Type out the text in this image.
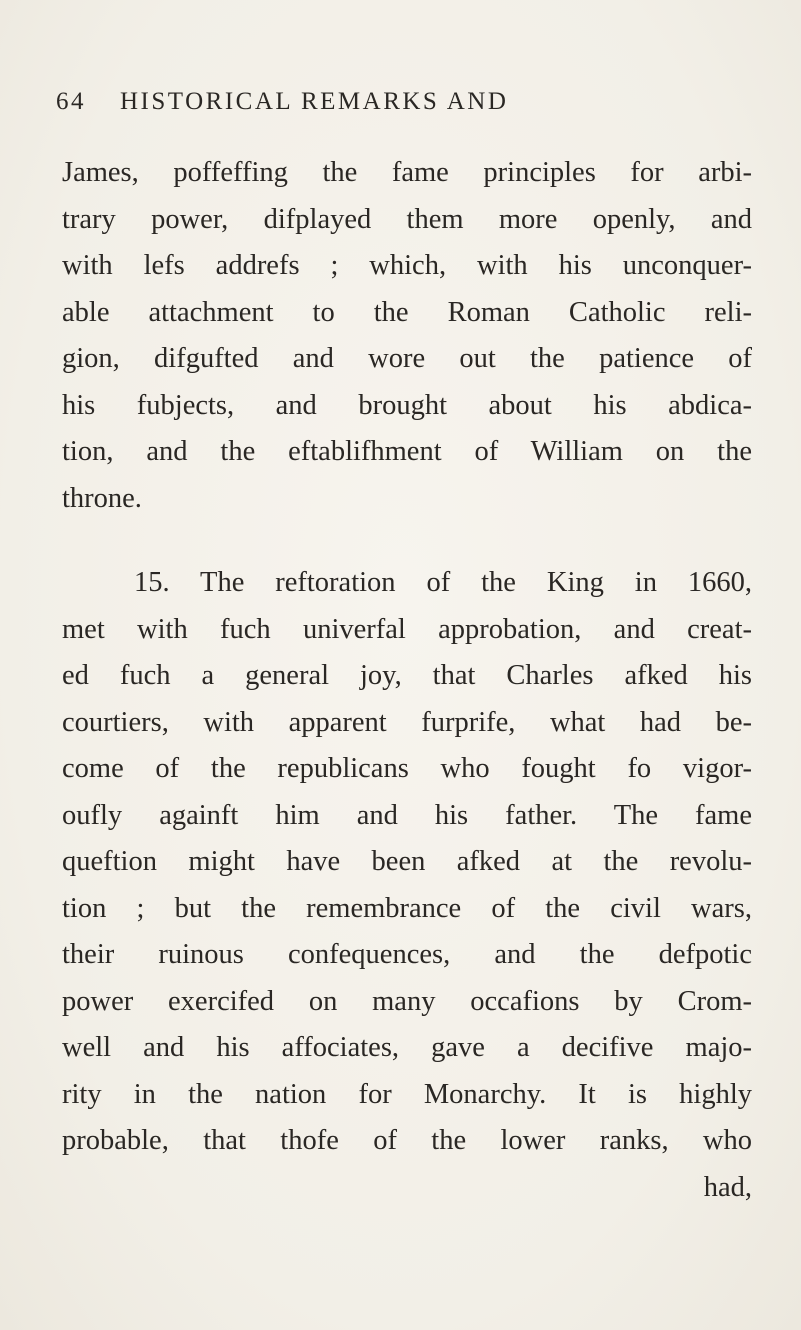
64 HISTORICAL REMARKS AND
James, poffeffing the fame principles for arbi-
trary power, difplayed them more openly, and
with lefs addrefs ; which, with his unconquer-
able attachment to the Roman Catholic reli-
gion, difgufted and wore out the patience of
his fubjects, and brought about his abdica-
tion, and the eftablifhment of William on the
throne.
15. The reftoration of the King in 1660,
met with fuch univerfal approbation, and creat-
ed fuch a general joy, that Charles afked his
courtiers, with apparent furprife, what had be-
come of the republicans who fought fo vigor-
oufly againft him and his father. The fame
queftion might have been afked at the revolu-
tion ; but the remembrance of the civil wars,
their ruinous confequences, and the defpotic
power exercifed on many occafions by Crom-
well and his affociates, gave a decifive majo-
rity in the nation for Monarchy. It is highly
probable, that thofe of the lower ranks, who
had,
